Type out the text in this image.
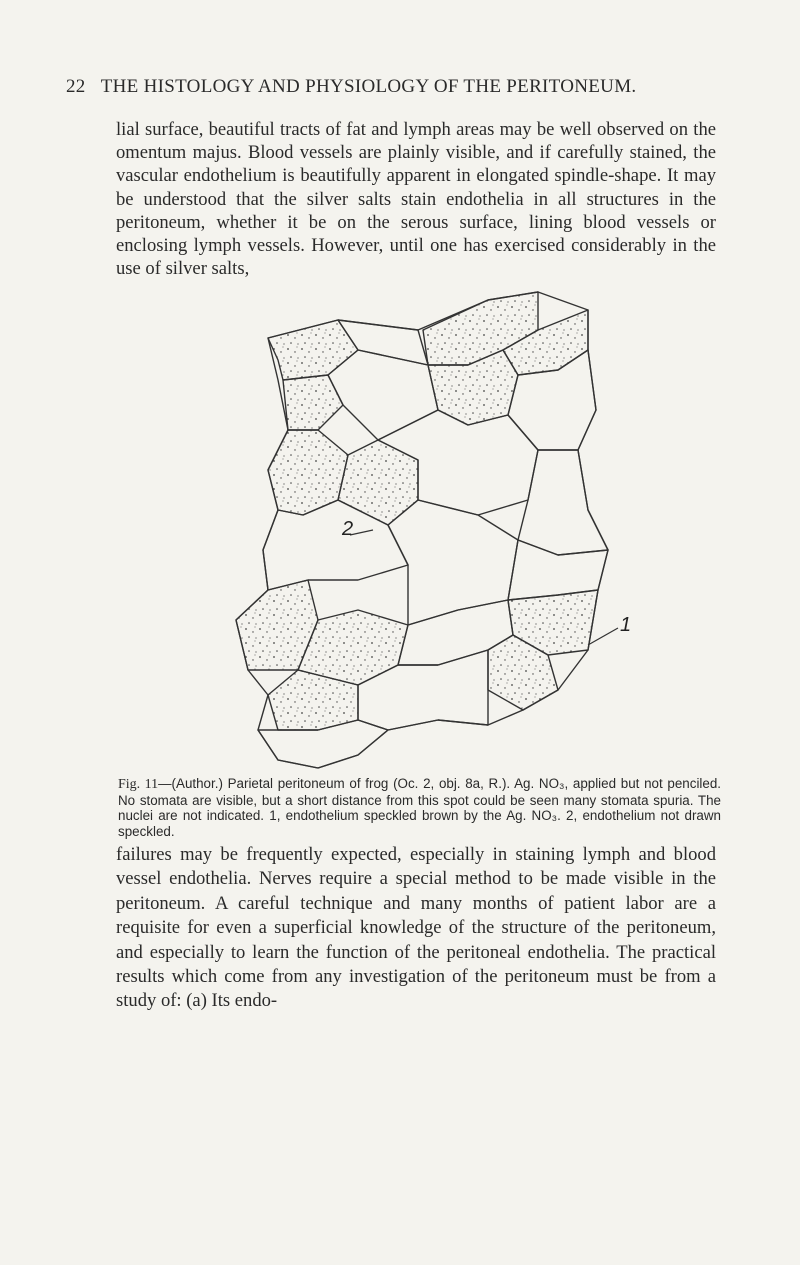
22 THE HISTOLOGY AND PHYSIOLOGY OF THE PERITONEUM.

lial surface, beautiful tracts of fat and lymph areas may be well observed on the omentum majus. Blood vessels are plainly visible, and if carefully stained, the vascular endothelium is beautifully apparent in elongated spindle-shape. It may be understood that the silver salts stain endothelia in all structures in the peritoneum, whether it be on the serous surface, lining blood vessels or enclosing lymph vessels. However, until one has exercised considerably in the use of silver salts,

2
1

Fig. 11—(Author.) Parietal peritoneum of frog (Oc. 2, obj. 8a, R.). Ag. NO₃, applied but not penciled. No stomata are visible, but a short distance from this spot could be seen many stomata spuria. The nuclei are not indicated. 1, endothelium speckled brown by the Ag. NO₃. 2, endothelium not drawn speckled.

failures may be frequently expected, especially in staining lymph and blood vessel endothelia. Nerves require a special method to be made visible in the peritoneum. A careful technique and many months of patient labor are a requisite for even a superficial knowledge of the structure of the peritoneum, and especially to learn the function of the peritoneal endothelia. The practical results which come from any investigation of the peritoneum must be from a study of: (a) Its endo-
